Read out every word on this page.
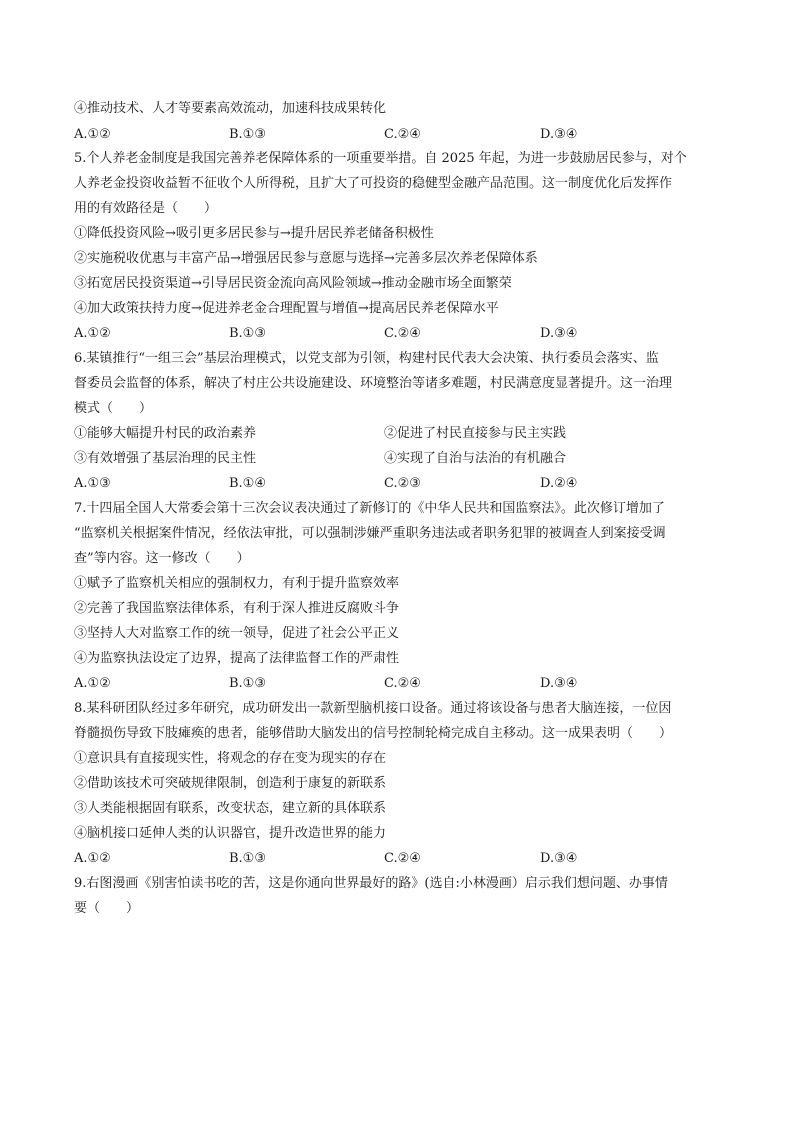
④推动技术、人才等要素高效流动，加速科技成果转化
A.①②	B.①③	C.②④	D.③④
5.个人养老金制度是我国完善养老保障体系的一项重要举措。自 2025 年起，为进一步鼓励居民参与，对个
人养老金投资收益暂不征收个人所得税，且扩大了可投资的稳健型金融产品范围。这一制度优化后发挥作
用的有效路径是（　　）
①降低投资风险→吸引更多居民参与→提升居民养老储备积极性
②实施税收优惠与丰富产品→增强居民参与意愿与选择→完善多层次养老保障体系
③拓宽居民投资渠道→引导居民资金流向高风险领域→推动金融市场全面繁荣
④加大政策扶持力度→促进养老金合理配置与增值→提高居民养老保障水平
A.①②	B.①③	C.②④	D.③④
6.某镇推行“一组三会”基层治理模式，以党支部为引领，构建村民代表大会决策、执行委员会落实、监
督委员会监督的体系，解决了村庄公共设施建设、环境整治等诸多难题，村民满意度显著提升。这一治理
模式（　　）
①能够大幅提升村民的政治素养	②促进了村民直接参与民主实践
③有效增强了基层治理的民主性	④实现了自治与法治的有机融合
A.①③	B.①④	C.②③	D.②④
7.十四届全国人大常委会第十三次会议表决通过了新修订的《中华人民共和国监察法》。此次修订增加了
“监察机关根据案件情况，经依法审批，可以强制涉嫌严重职务违法或者职务犯罪的被调查人到案接受调
查”等内容。这一修改（　　）
①赋予了监察机关相应的强制权力，有利于提升监察效率
②完善了我国监察法律体系，有利于深人推进反腐败斗争
③坚持人大对监察工作的统一领导，促进了社会公平正义
④为监察执法设定了边界，提高了法律监督工作的严肃性
A.①②	B.①③	C.②④	D.③④
8.某科研团队经过多年研究，成功研发出一款新型脑机接口设备。通过将该设备与患者大脑连接，一位因
脊髓损伤导致下肢瘫痪的患者，能够借助大脑发出的信号控制轮椅完成自主移动。这一成果表明（　　）
①意识具有直接现实性，将观念的存在变为现实的存在
②借助该技术可突破规律限制，创造利于康复的新联系
③人类能根据固有联系，改变状态，建立新的具体联系
④脑机接口延伸人类的认识器官，提升改造世界的能力
A.①②	B.①③	C.②④	D.③④
9.右图漫画《别害怕读书吃的苦，这是你通向世界最好的路》(选自:小林漫画）启示我们想问题、办事情
要（　　）
